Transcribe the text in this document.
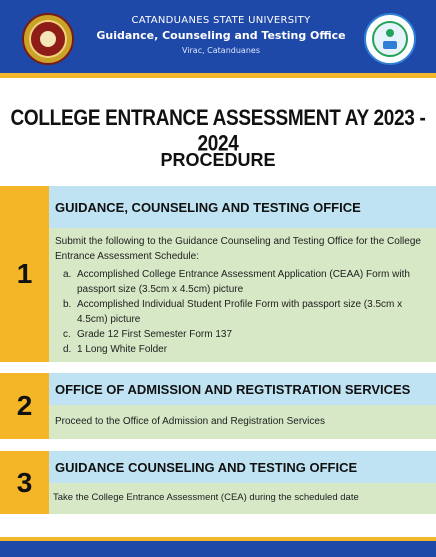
CATANDUANES STATE UNIVERSITY
Guidance, Counseling and Testing Office
Virac, Catanduanes
COLLEGE ENTRANCE ASSESSMENT AY 2023 - 2024
PROCEDURE
1
GUIDANCE, COUNSELING AND TESTING OFFICE
Submit the following to the Guidance Counseling and Testing Office for the College Entrance Assessment Schedule:
a. Accomplished College Entrance Assessment Application (CEAA) Form with passport size (3.5cm x 4.5cm) picture
b. Accomplished Individual Student Profile Form with passport size (3.5cm x 4.5cm) picture
c. Grade 12 First Semester Form 137
d. 1 Long White Folder
2
OFFICE OF ADMISSION AND REGTISTRATION SERVICES
Proceed to the Office of Admission and Registration Services
3	GUIDANCE COUNSELING AND TESTING OFFICE
Take the College Entrance Assessment (CEA) during the scheduled date
